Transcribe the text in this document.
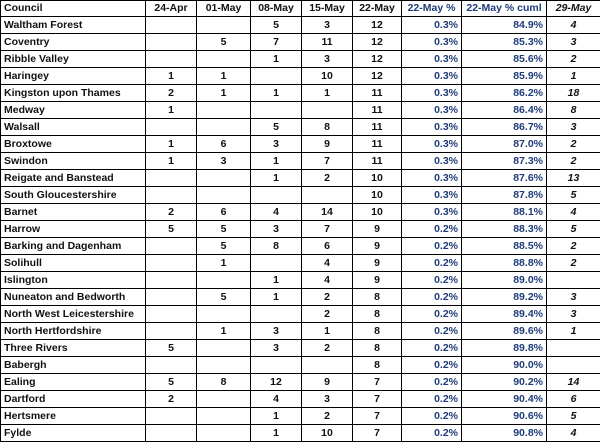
Council	24-Apr	01-May	08-May	15-May	22-May	22-May %	22-May % cuml	29-May
Waltham Forest			5	3	12	0.3%	84.9%	4
Coventry		5	7	11	12	0.3%	85.3%	3
Ribble Valley			1	3	12	0.3%	85.6%	2
Haringey	1	1		10	12	0.3%	85.9%	1
Kingston upon Thames	2	1	1	1	11	0.3%	86.2%	18
Medway	1				11	0.3%	86.4%	8
Walsall			5	8	11	0.3%	86.7%	3
Broxtowe	1	6	3	9	11	0.3%	87.0%	2
Swindon	1	3	1	7	11	0.3%	87.3%	2
Reigate and Banstead			1	2	10	0.3%	87.6%	13
South Gloucestershire					10	0.3%	87.8%	5
Barnet	2	6	4	14	10	0.3%	88.1%	4
Harrow	5	5	3	7	9	0.2%	88.3%	5
Barking and Dagenham		5	8	6	9	0.2%	88.5%	2
Solihull		1		4	9	0.2%	88.8%	2
Islington			1	4	9	0.2%	89.0%	
Nuneaton and Bedworth		5	1	2	8	0.2%	89.2%	3
North West Leicestershire				2	8	0.2%	89.4%	3
North Hertfordshire		1	3	1	8	0.2%	89.6%	1
Three Rivers	5		3	2	8	0.2%	89.8%	
Babergh					8	0.2%	90.0%	
Ealing	5	8	12	9	7	0.2%	90.2%	14
Dartford	2		4	3	7	0.2%	90.4%	6
Hertsmere			1	2	7	0.2%	90.6%	5
Fylde			1	10	7	0.2%	90.8%	4
